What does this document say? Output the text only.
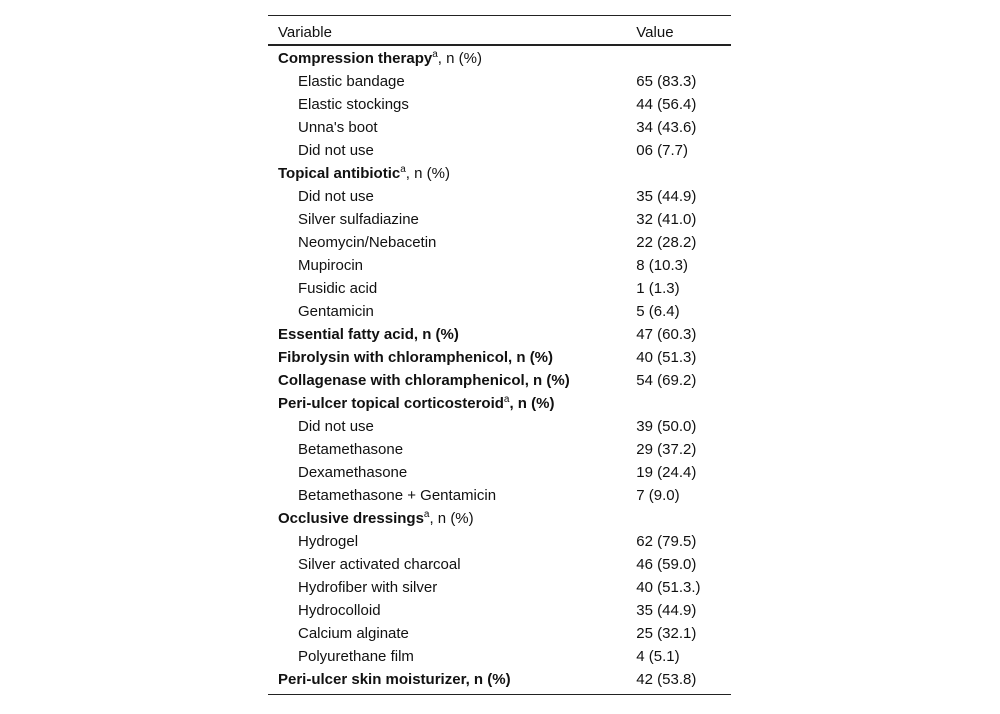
Variable	Value
Compression therapy$^a$, n (%)	
Elastic bandage	65 (83.3)
Elastic stockings	44 (56.4)
Unna's boot	34 (43.6)
Did not use	06 (7.7)
Topical antibiotic$^a$, n (%)	
Did not use	35 (44.9)
Silver sulfadiazine	32 (41.0)
Neomycin/Nebacetin	22 (28.2)
Mupirocin	8 (10.3)
Fusidic acid	1 (1.3)
Gentamicin	5 (6.4)
Essential fatty acid, n (%)	47 (60.3)
Fibrolysin with chloramphenicol, n (%)	40 (51.3)
Collagenase with chloramphenicol, n (%)	54 (69.2)
Peri-ulcer topical corticosteroid$^a$, n (%)	
Did not use	39 (50.0)
Betamethasone	29 (37.2)
Dexamethasone	19 (24.4)
Betamethasone + Gentamicin	7 (9.0)
Occlusive dressings$^a$, n (%)	
Hydrogel	62 (79.5)
Silver activated charcoal	46 (59.0)
Hydrofiber with silver	40 (51.3.)
Hydrocolloid	35 (44.9)
Calcium alginate	25 (32.1)
Polyurethane film	4 (5.1)
Peri-ulcer skin moisturizer, n (%)	42 (53.8)
